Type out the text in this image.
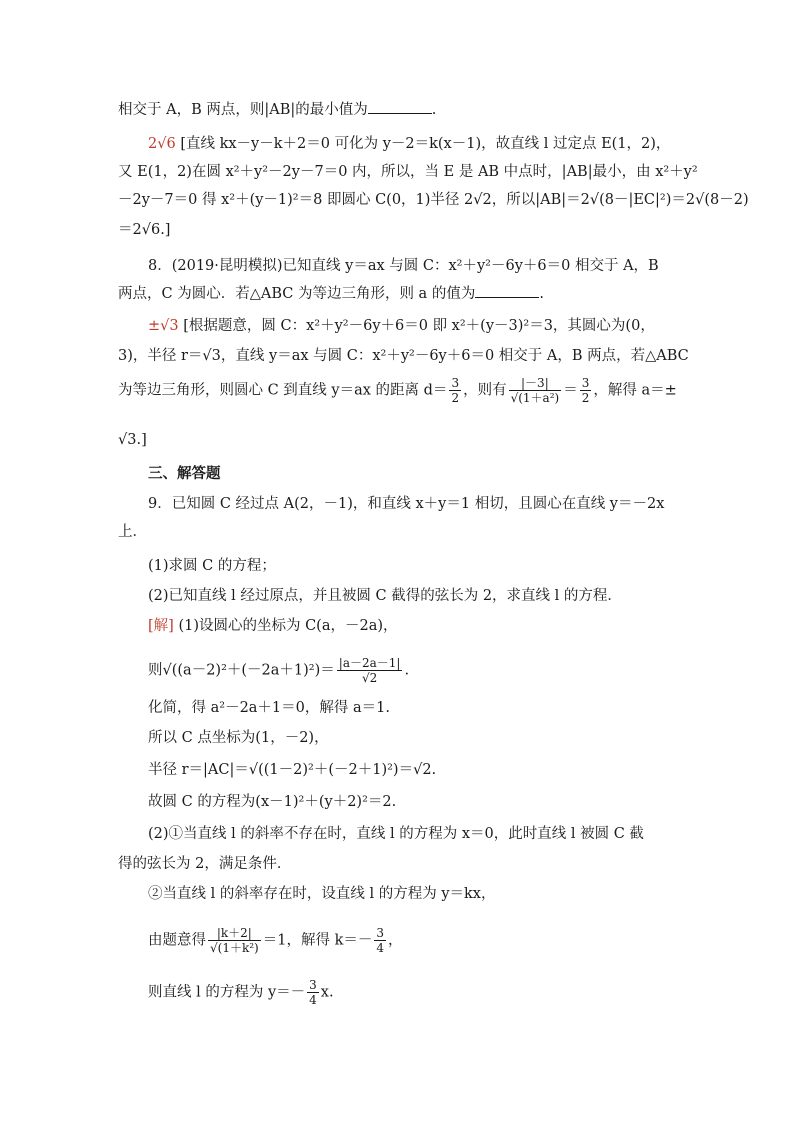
相交于 A，B 两点，则|AB|的最小值为	.
2√6 [直线 kx－y－k＋2＝0 可化为 y－2＝k(x－1)，故直线 l 过定点 E(1，2)，
又 E(1，2)在圆 x²＋y²－2y－7＝0 内，所以，当 E 是 AB 中点时，|AB|最小，由 x²＋y²
－2y－7＝0 得 x²＋(y－1)²＝8 即圆心 C(0，1)半径 2√2，所以|AB|＝2√(8－|EC|²)＝2√(8－2)
＝2√6.]
8．(2019·昆明模拟)已知直线 y＝ax 与圆 C：x²＋y²－6y＋6＝0 相交于 A，B
两点，C 为圆心．若△ABC 为等边三角形，则 a 的值为	.
±√3 [根据题意，圆 C：x²＋y²－6y＋6＝0 即 x²＋(y－3)²＝3，其圆心为(0，
3)，半径 r＝√3，直线 y＝ax 与圆 C：x²＋y²－6y＋6＝0 相交于 A，B 两点，若△ABC
为等边三角形，则圆心 C 到直线 y＝ax 的距离 $d= \frac{3}{2}$ ，则有 $\frac{|-3|}{\text{√(1＋a²)}} = \frac{3}{2}$ ，解得 a＝±
√3.]
三、解答题
9．已知圆 C 经过点 A(2，－1)，和直线 x＋y＝1 相切，且圆心在直线 y＝－2x
上．
(1)求圆 C 的方程；
(2)已知直线 l 经过原点，并且被圆 C 截得的弦长为 2，求直线 l 的方程．
[解] (1)设圆心的坐标为 C(a，－2a)，
则$√((a-2)^2+(-2a+1)^2)= \frac{|a-2a-1|}{√2}$ .
化简，得 a²－2a＋1＝0，解得 a＝1.
所以 C 点坐标为(1，－2)，
半径 r＝|AC|＝√((1－2)²＋(－2＋1)²)＝√2.
故圆 C 的方程为(x－1)²＋(y＋2)²＝2.
(2)①当直线 l 的斜率不存在时，直线 l 的方程为 x＝0，此时直线 l 被圆 C 截
得的弦长为 2，满足条件．
②当直线 l 的斜率存在时，设直线 l 的方程为 y＝kx，
由题意得 $\frac{|k+2|}{\text{√(1＋k²)}} =1$，解得 $k=- \frac{3}{4}$ ，
则直线 l 的方程为 $y=- \frac{3}{4} x$.
